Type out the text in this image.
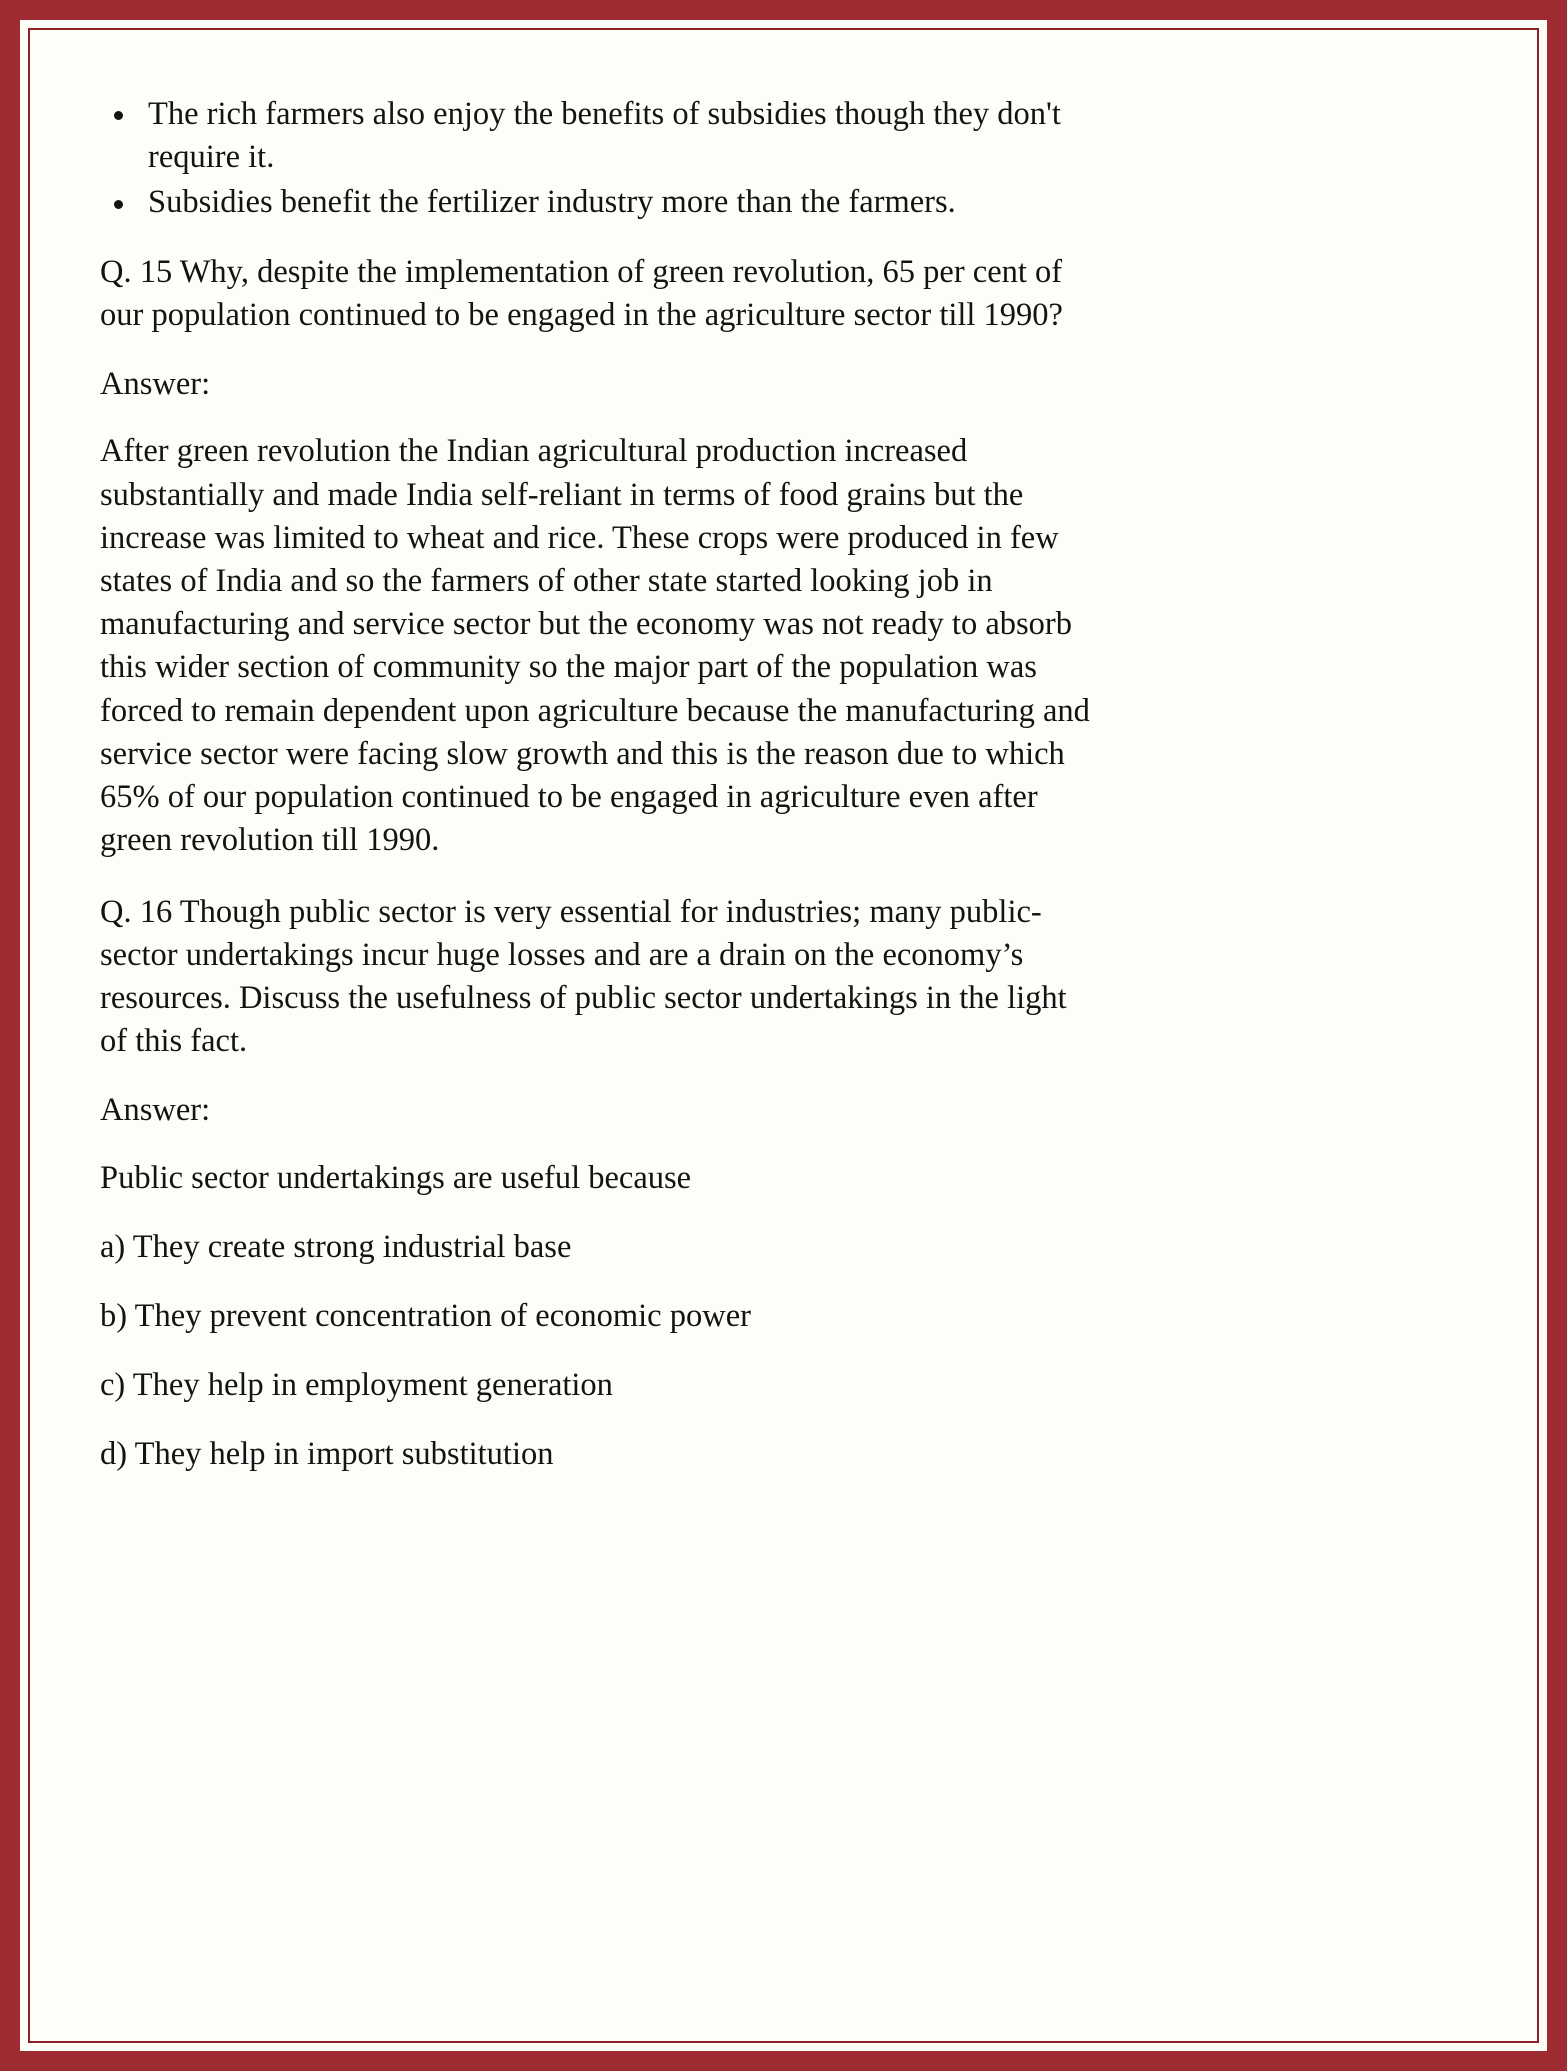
The rich farmers also enjoy the benefits of subsidies though they don't require it.
Subsidies benefit the fertilizer industry more than the farmers.

Q. 15 Why, despite the implementation of green revolution, 65 per cent of our population continued to be engaged in the agriculture sector till 1990?

Answer:

After green revolution the Indian agricultural production increased substantially and made India self-reliant in terms of food grains but the increase was limited to wheat and rice. These crops were produced in few states of India and so the farmers of other state started looking job in manufacturing and service sector but the economy was not ready to absorb this wider section of community so the major part of the population was forced to remain dependent upon agriculture because the manufacturing and service sector were facing slow growth and this is the reason due to which 65% of our population continued to be engaged in agriculture even after green revolution till 1990.

Q. 16 Though public sector is very essential for industries; many public-sector undertakings incur huge losses and are a drain on the economy’s resources. Discuss the usefulness of public sector undertakings in the light of this fact.

Answer:

Public sector undertakings are useful because

a) They create strong industrial base

b) They prevent concentration of economic power

c) They help in employment generation

d) They help in import substitution
